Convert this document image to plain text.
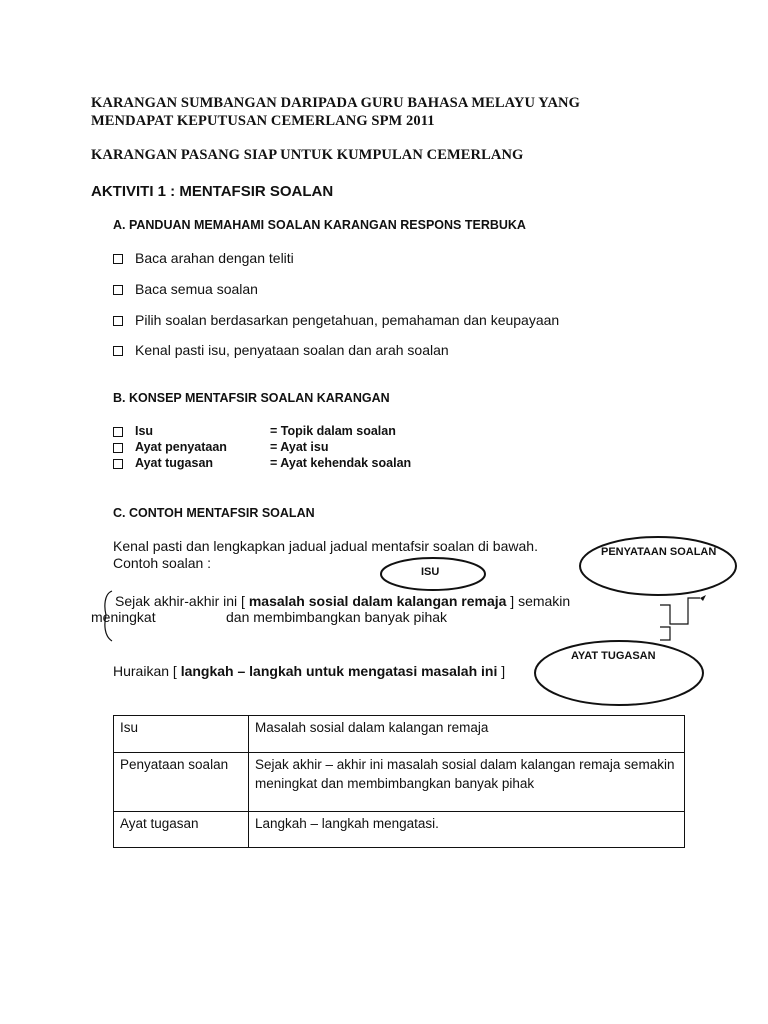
KARANGAN SUMBANGAN DARIPADA GURU BAHASA MELAYU YANG
MENDAPAT KEPUTUSAN CEMERLANG SPM 2011
KARANGAN PASANG SIAP UNTUK KUMPULAN CEMERLANG
AKTIVITI 1 : MENTAFSIR SOALAN
A. PANDUAN MEMAHAMI SOALAN KARANGAN RESPONS TERBUKA
Baca arahan dengan teliti
Baca semua soalan
Pilih soalan berdasarkan pengetahuan, pemahaman dan keupayaan
Kenal pasti isu, penyataan soalan dan arah soalan
B. KONSEP MENTAFSIR SOALAN KARANGAN
Isu	= Topik dalam soalan
Ayat penyataan	= Ayat isu
Ayat tugasan	= Ayat kehendak soalan
C. CONTOH MENTAFSIR SOALAN
Kenal pasti dan lengkapkan jadual jadual mentafsir soalan di bawah.
Contoh soalan :
ISU
PENYATAAN SOALAN
AYAT TUGASAN
Sejak akhir-akhir ini [ masalah sosial dalam kalangan remaja ] semakin
meningkat	dan membimbangkan banyak pihak
Huraikan [ langkah – langkah untuk mengatasi masalah ini ]
Isu	Masalah sosial dalam kalangan remaja
Penyataan soalan	Sejak akhir – akhir ini masalah sosial dalam kalangan remaja semakin meningkat dan membimbangkan banyak pihak
Ayat tugasan	Langkah – langkah mengatasi.
